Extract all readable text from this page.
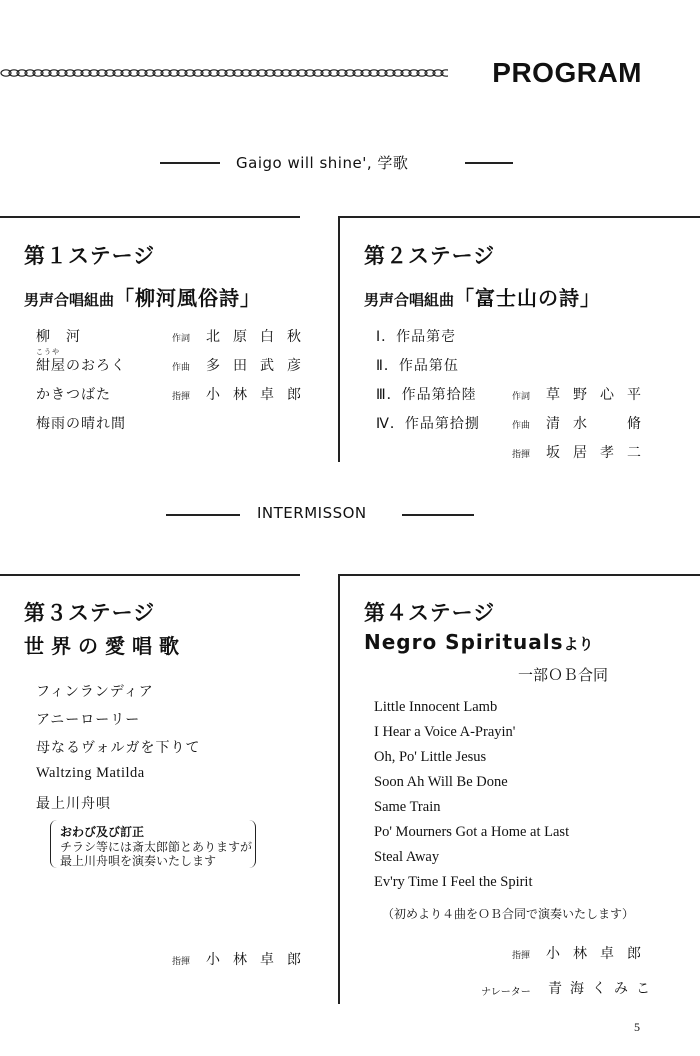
PROGRAM
Gaigo will shine', 学歌
第１ステージ
男声合唱組曲「柳河風俗詩」
こうや
柳　河
紺屋のおろく
かきつばた
梅雨の晴れ間
作詞 北原白秋
作曲 多田武彦
指揮 小林卓郎
第２ステージ
男声合唱組曲「富士山の詩」
Ⅰ．作品第壱
Ⅱ．作品第伍
Ⅲ．作品第拾陸
Ⅳ．作品第拾捌
作詞 草野心平
作曲 清水　脩
指揮 坂居孝二
INTERMISSON
第３ステージ
世界の愛唱歌
フィンランディア
アニーローリー
母なるヴォルガを下りて
Waltzing Matilda
最上川舟唄
おわび及び訂正
チラシ等には斎太郎節とありますが
最上川舟唄を演奏いたします
指揮 小林卓郎
第４ステージ
Negro Spiritualsより
一部ＯＢ合同
Little Innocent Lamb
I Hear a Voice A-Prayin'
Oh, Po' Little Jesus
Soon Ah Will Be Done
Same Train
Po' Mourners Got a Home at Last
Steal Away
Ev'ry Time I Feel the Spirit
（初めより４曲をＯＢ合同で演奏いたします）
指揮 小林卓郎
ナレーター 青海くみこ
5
